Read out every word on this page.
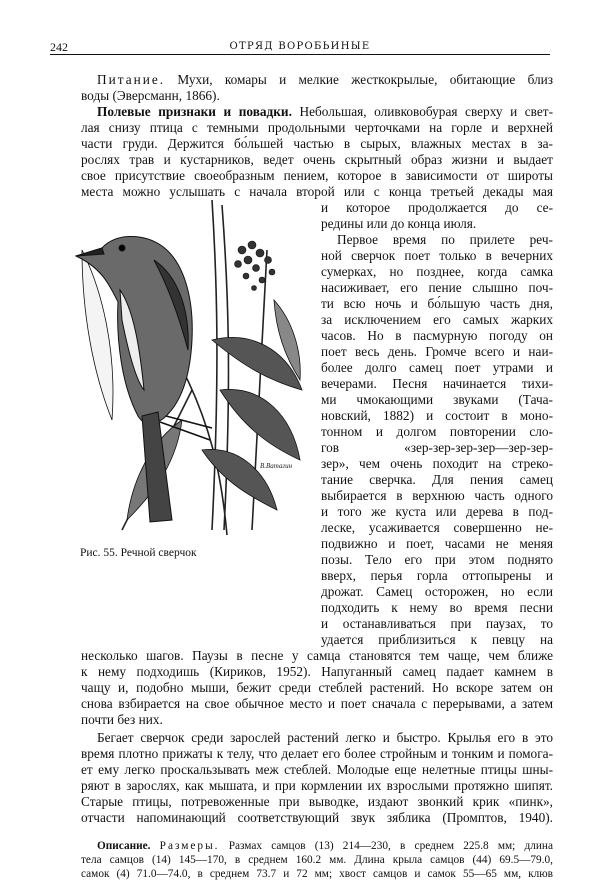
242	ОТРЯД ВОРОБЬИНЫЕ
Питание. Мухи, комары и мелкие жесткокрылые, обитающие близ
воды (Эверсманн, 1866).
Полевые признаки и повадки. Небольшая, оливковобурая сверху и свет-
лая снизу птица с темными продольными черточками на горле и верхней
части груди. Держится бо́льшей частью в сырых, влажных местах в за-
рослях трав и кустарников, ведет очень скрытный образ жизни и выдает
свое присутствие своеобразным пением, которое в зависимости от широты
места можно услышать с начала второй или с конца третьей декады мая
и которое продолжается до се-
редины или до конца июля.
Первое время по прилете реч-
ной сверчок поет только в вечерних
сумерках, но позднее, когда самка
насиживает, его пение слышно поч-
ти всю ночь и бо́льшую часть дня,
за исключением его самых жарких
часов. Но в пасмурную погоду он
поет весь день. Громче всего и наи-
более долго самец поет утрами и
вечерами. Песня начинается тихи-
ми чмокающими звуками (Тача-
новский, 1882) и состоит в моно-
тонном и долгом повторении сло-
гов «зер-зер-зер-зер—зер-зер-
зер», чем очень походит на стреко-
тание сверчка. Для пения самец
выбирается в верхнюю часть одного
и того же куста или дерева в под-
леске, усаживается совершенно не-
подвижно и поет, часами не меняя
позы. Тело его при этом поднято
вверх, перья горла оттопырены и
дрожат. Самец осторожен, но если
подходить к нему во время песни
и останавливаться при паузах, то
удается приблизиться к певцу на
несколько шагов. Паузы в песне у самца становятся тем чаще, чем ближе
к нему подходишь (Кириков, 1952). Напуганный самец падает камнем в
чащу и, подобно мыши, бежит среди стеблей растений. Но вскоре затем он
снова взбирается на свое обычное место и поет сначала с перерывами, а затем
почти без них.
Бегает сверчок среди зарослей растений легко и быстро. Крылья его в это
время плотно прижаты к телу, что делает его более стройным и тонким и помога-
ет ему легко проскальзывать меж стеблей. Молодые еще нелетные птицы шны-
ряют в зарослях, как мышата, и при кормлении их взрослыми протяжно шипят.
Старые птицы, потревоженные при выводке, издают звонкий крик «пинк»,
отчасти напоминающий соответствующий звук зяблика (Промптов, 1940).
Описание. Размеры. Размах самцов (13) 214—230, в среднем 225.8 мм; длина
тела самцов (14) 145—170, в среднем 160.2 мм. Длина крыла самцов (44) 69.5—79.0,
самок (4) 71.0—74.0, в среднем 73.7 и 72 мм; хвост самцов и самок 55—65 мм, клюв
В.Ватагин
Рис. 55. Речной сверчок
